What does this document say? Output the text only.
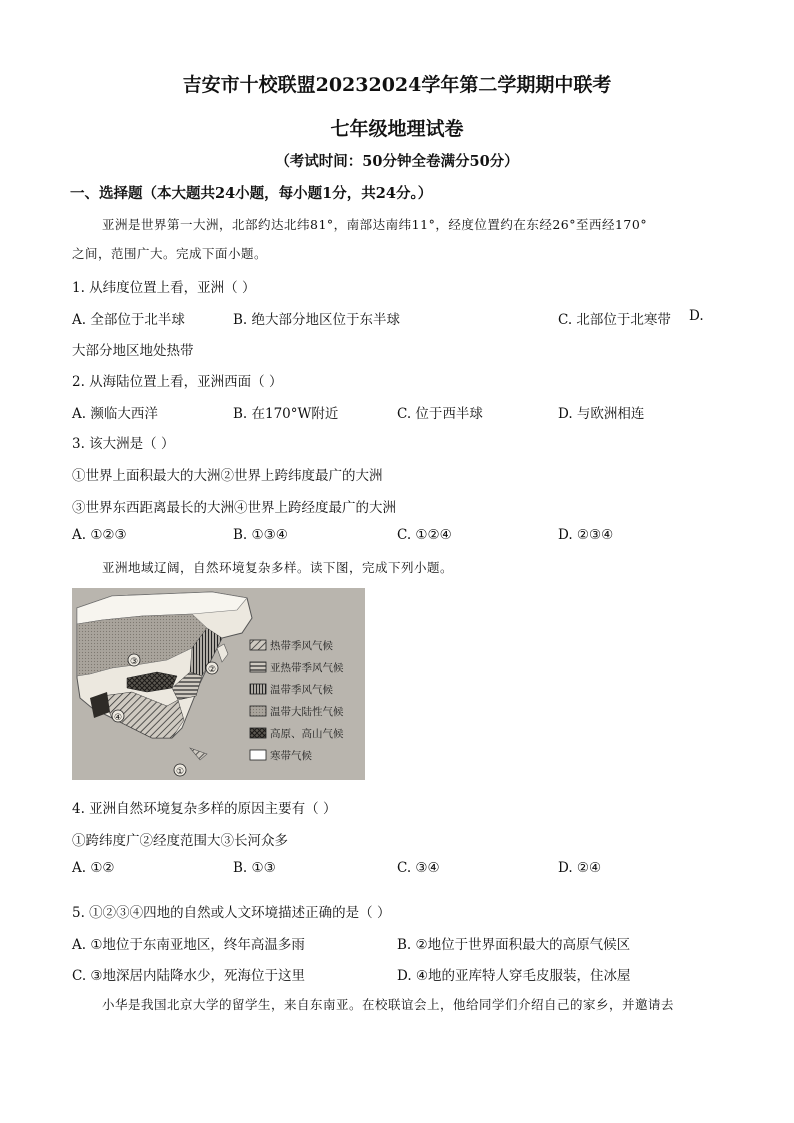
吉安市十校联盟20232024学年第二学期期中联考
七年级地理试卷
（考试时间：50分钟全卷满分50分）
一、选择题（本大题共24小题，每小题1分，共24分。）
亚洲是世界第一大洲，北部约达北纬81°，南部达南纬11°，经度位置约在东经26°至西经170°
之间，范围广大。完成下面小题。
1. 从纬度位置上看，亚洲（ ）
A. 全部位于北半球	B. 绝大部分地区位于东半球	C. 北部位于北寒带 D.
大部分地区地处热带
2. 从海陆位置上看，亚洲西面（ ）
A. 濒临大西洋	B. 在170°W附近	C. 位于西半球	D. 与欧洲相连
3. 该大洲是（ ）
①世界上面积最大的大洲②世界上跨纬度最广的大洲
③世界东西距离最长的大洲④世界上跨经度最广的大洲
A. ①②③	B. ①③④	C. ①②④	D. ②③④
亚洲地域辽阔，自然环境复杂多样。读下图，完成下列小题。
③
④
①
②
热带季风气候
亚热带季风气候
温带季风气候
温带大陆性气候
高原、高山气候
寒带气候
4. 亚洲自然环境复杂多样的原因主要有（ ）
①跨纬度广②经度范围大③长河众多
A. ①②	B. ①③	C. ③④	D. ②④
5. ①②③④四地的自然或人文环境描述正确的是（ ）
A. ①地位于东南亚地区，终年高温多雨	B. ②地位于世界面积最大的高原气候区
C. ③地深居内陆降水少，死海位于这里	D. ④地的亚库特人穿毛皮服装，住冰屋
小华是我国北京大学的留学生，来自东南亚。在校联谊会上，他给同学们介绍自己的家乡，并邀请去
